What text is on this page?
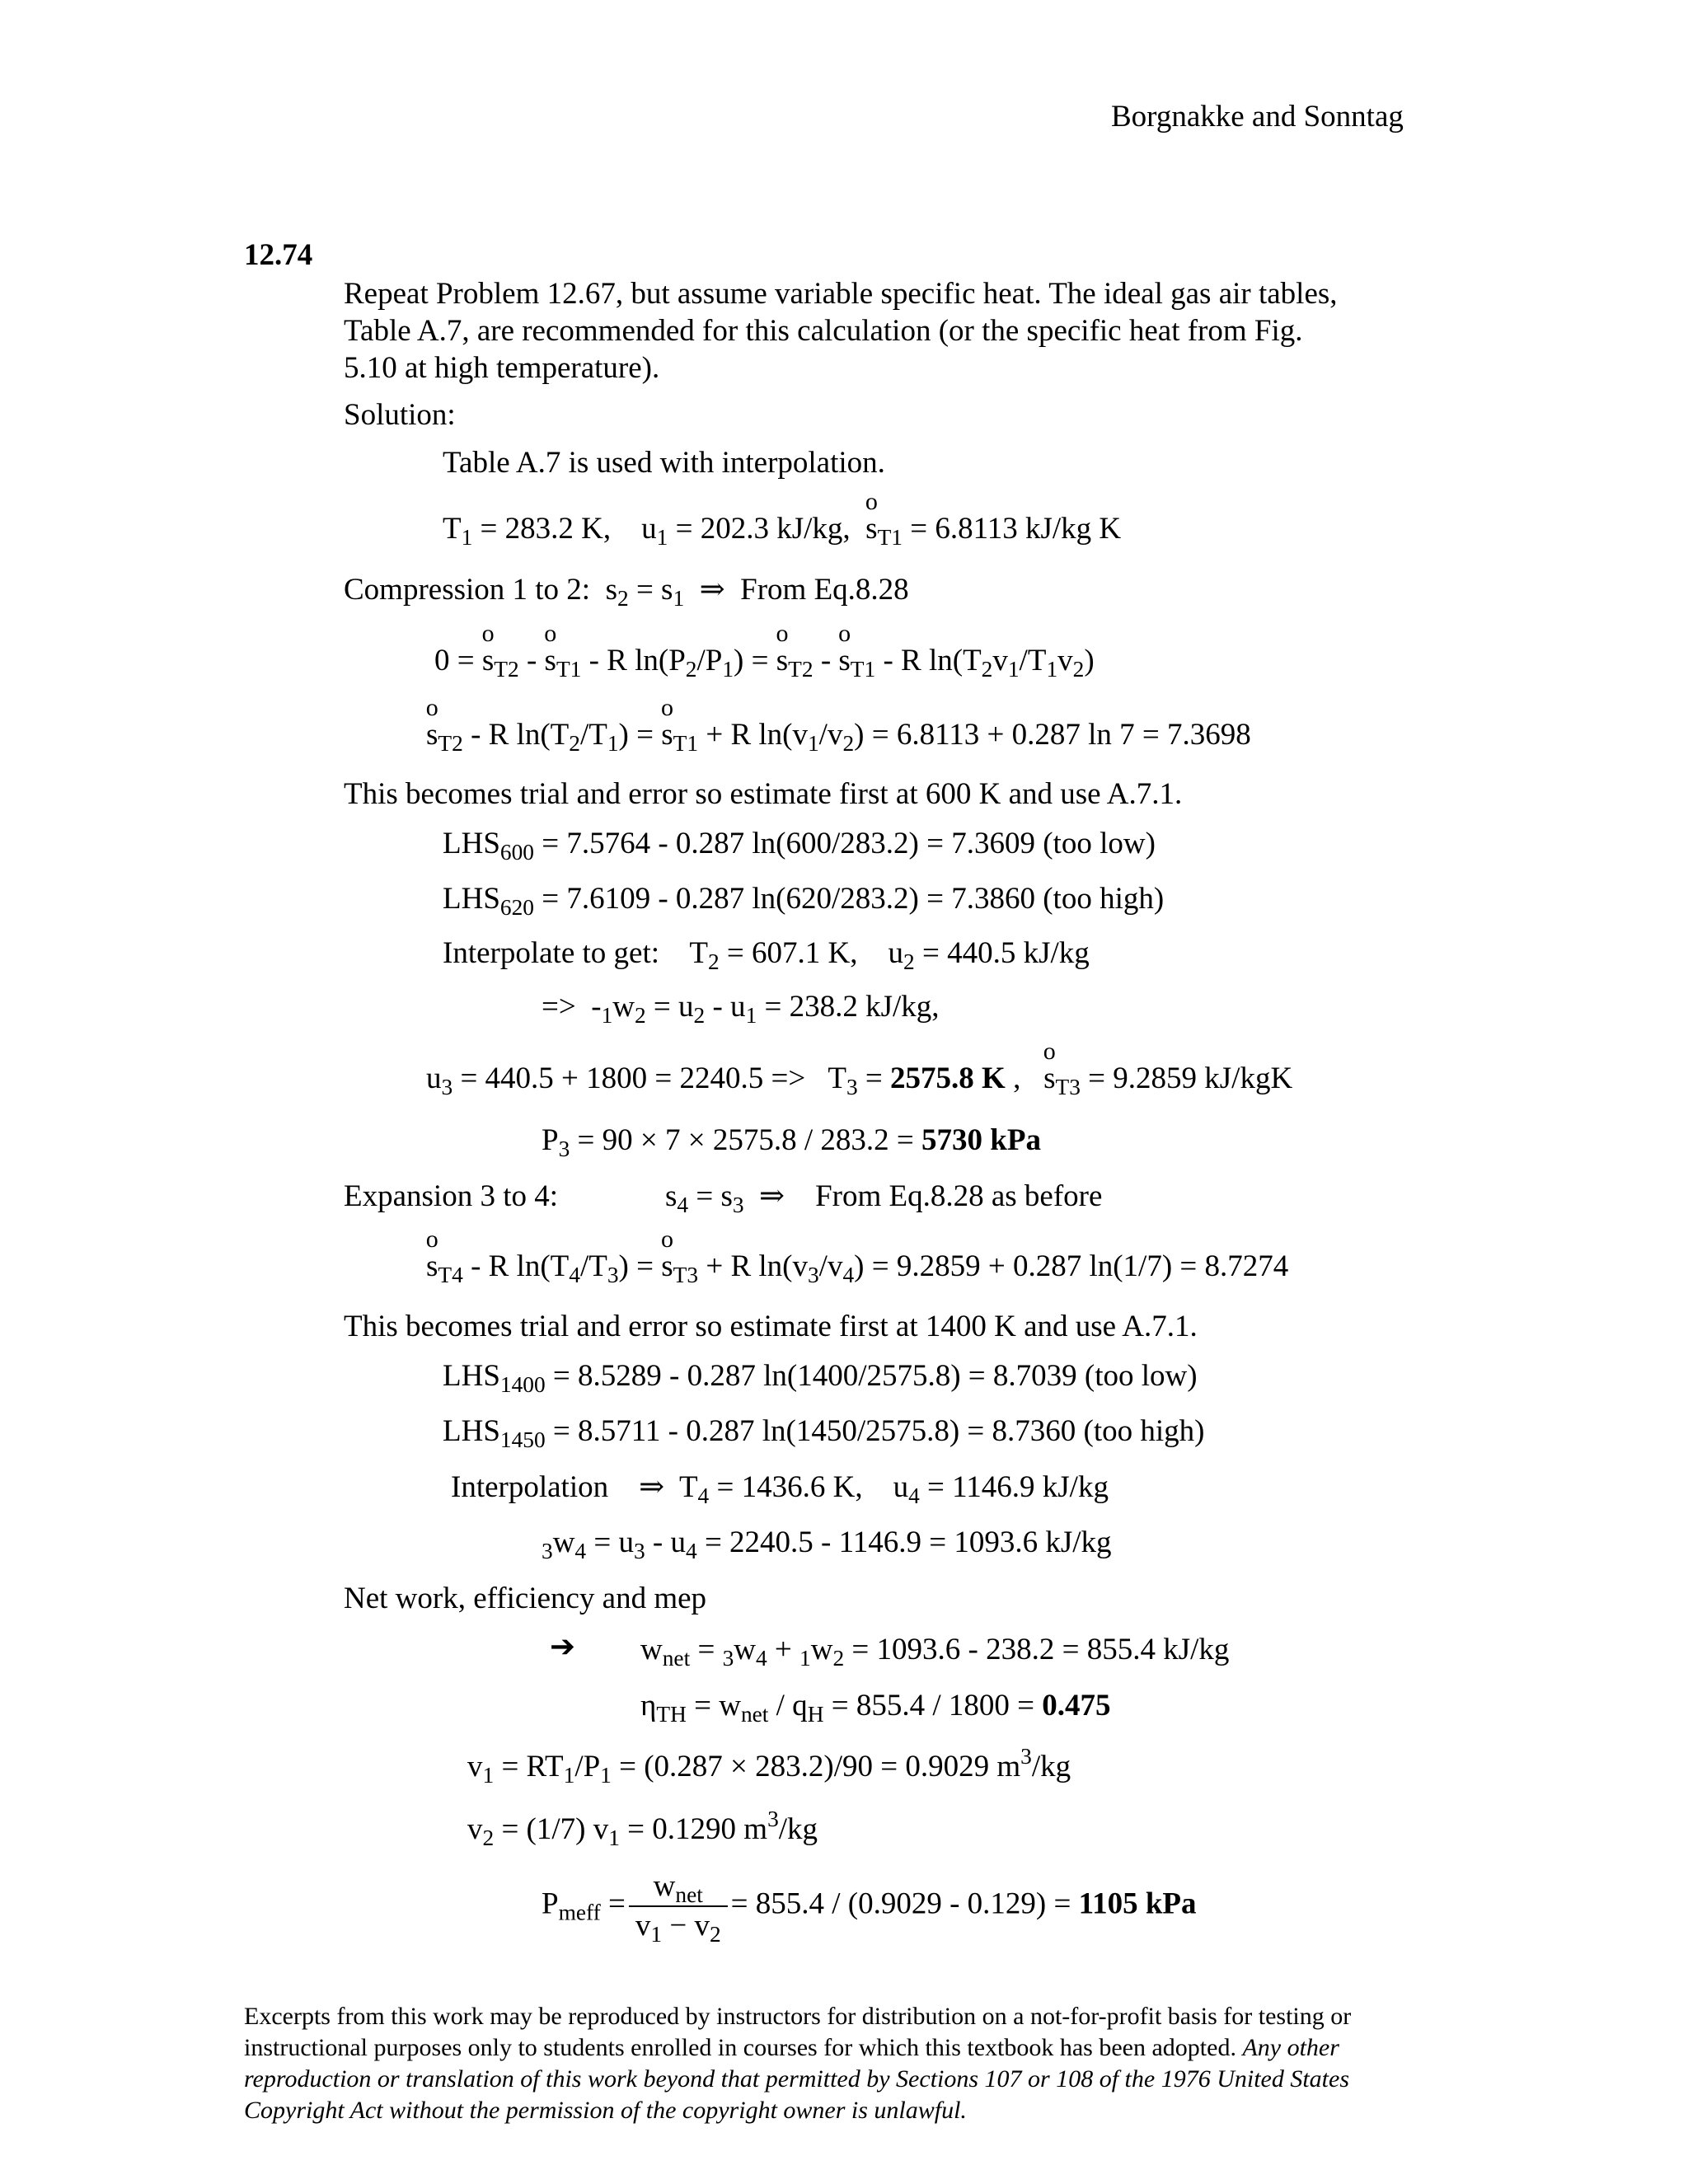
Borgnakke and Sonntag
12.74
Repeat Problem 12.67, but assume variable specific heat. The ideal gas air tables,
Table A.7, are recommended for this calculation (or the specific heat from Fig.
5.10 at high temperature).
Solution:
Table A.7 is used with interpolation.
$T_1 = 283.2$ K,    $u_1 = 202.3$ kJ/kg,  s
o
$_{T1}$ = 6.8113 kJ/kg K
Compression 1 to 2:  $s_2 = s_1$  ⇒  From Eq.8.28
0 = s
o
$_{T2}$ - s
o
$_{T1}$ - R $\ln(P_2/P_1) = s$
o
$_{T2}$ - s
o
$_{T1}$ - R $\ln(T_2v_1/T_1v_2)$
s
o
$_{T2}$ - R $\ln(T_2/T_1) = s$
o
$_{T1}$ + R $\ln(v_1/v_2) = 6.8113 + 0.287$ ln 7 = 7.3698
This becomes trial and error so estimate first at 600 K and use A.7.1.
$LHS_{600} = 7.5764 - 0.287$ ln(600/283.2) = 7.3609 (too low)
$LHS_{620} = 7.6109 - 0.287$ ln(620/283.2) = 7.3860 (too high)
Interpolate to get:    $T_2 = 607.1$ K,    $u_2 = 440.5$ kJ/kg
=>  $-_1w_2 = u_2 - u_1 = 238.2$ kJ/kg,
$u_3 = 440.5 + 1800 = 2240.5 => T_3 = 2575.8$ K ,   s
o
$_{T3}$ = 9.2859 kJ/kgK
$P_3 = 90 \times 7 \times 2575.8 / 283.2 = 5730$ kPa
Expansion 3 to 4:	$s_4 = s_3$  ⇒    From Eq.8.28 as before
s
o
$_{T4}$ - R $\ln(T_4/T_3) = s$
o
$_{T3}$ + R $\ln(v_3/v_4) = 9.2859 + 0.287$ ln(1/7) = 8.7274
This becomes trial and error so estimate first at 1400 K and use A.7.1.
$LHS_{1400} = 8.5289 - 0.287$ ln(1400/2575.8) = 8.7039 (too low)
$LHS_{1450} = 8.5711 - 0.287$ ln(1450/2575.8) = 8.7360 (too high)
Interpolation    ⇒  $T_4 = 1436.6$ K,    $u_4 = 1146.9$ kJ/kg
$_3w_4 = u_3 - u_4 = 2240.5 - 1146.9 = 1093.6$ kJ/kg
Net work, efficiency and mep
➔ $w_{net} = _3w_4 + _1w_2 = 1093.6 - 238.2 = 855.4$ kJ/kg
$\eta_{TH} = w_{net} / q_H = 855.4 / 1800 = 0.475$
$v_1 = RT_1/P_1 = (0.287 \times 283.2)/90 = 0.9029$ $m^3/kg$
$v_2 = (1/7) v_1 = 0.1290$ $m^3/kg$
$P_{meff} = \frac{w_{net}}{v_1 - v_2} = 855.4 / (0.9029 - 0.129) = 1105$ kPa
Excerpts from this work may be reproduced by instructors for distribution on a not-for-profit basis for testing or instructional purposes only to students enrolled in courses for which this textbook has been adopted. Any other reproduction or translation of this work beyond that permitted by Sections 107 or 108 of the 1976 United States Copyright Act without the permission of the copyright owner is unlawful.
